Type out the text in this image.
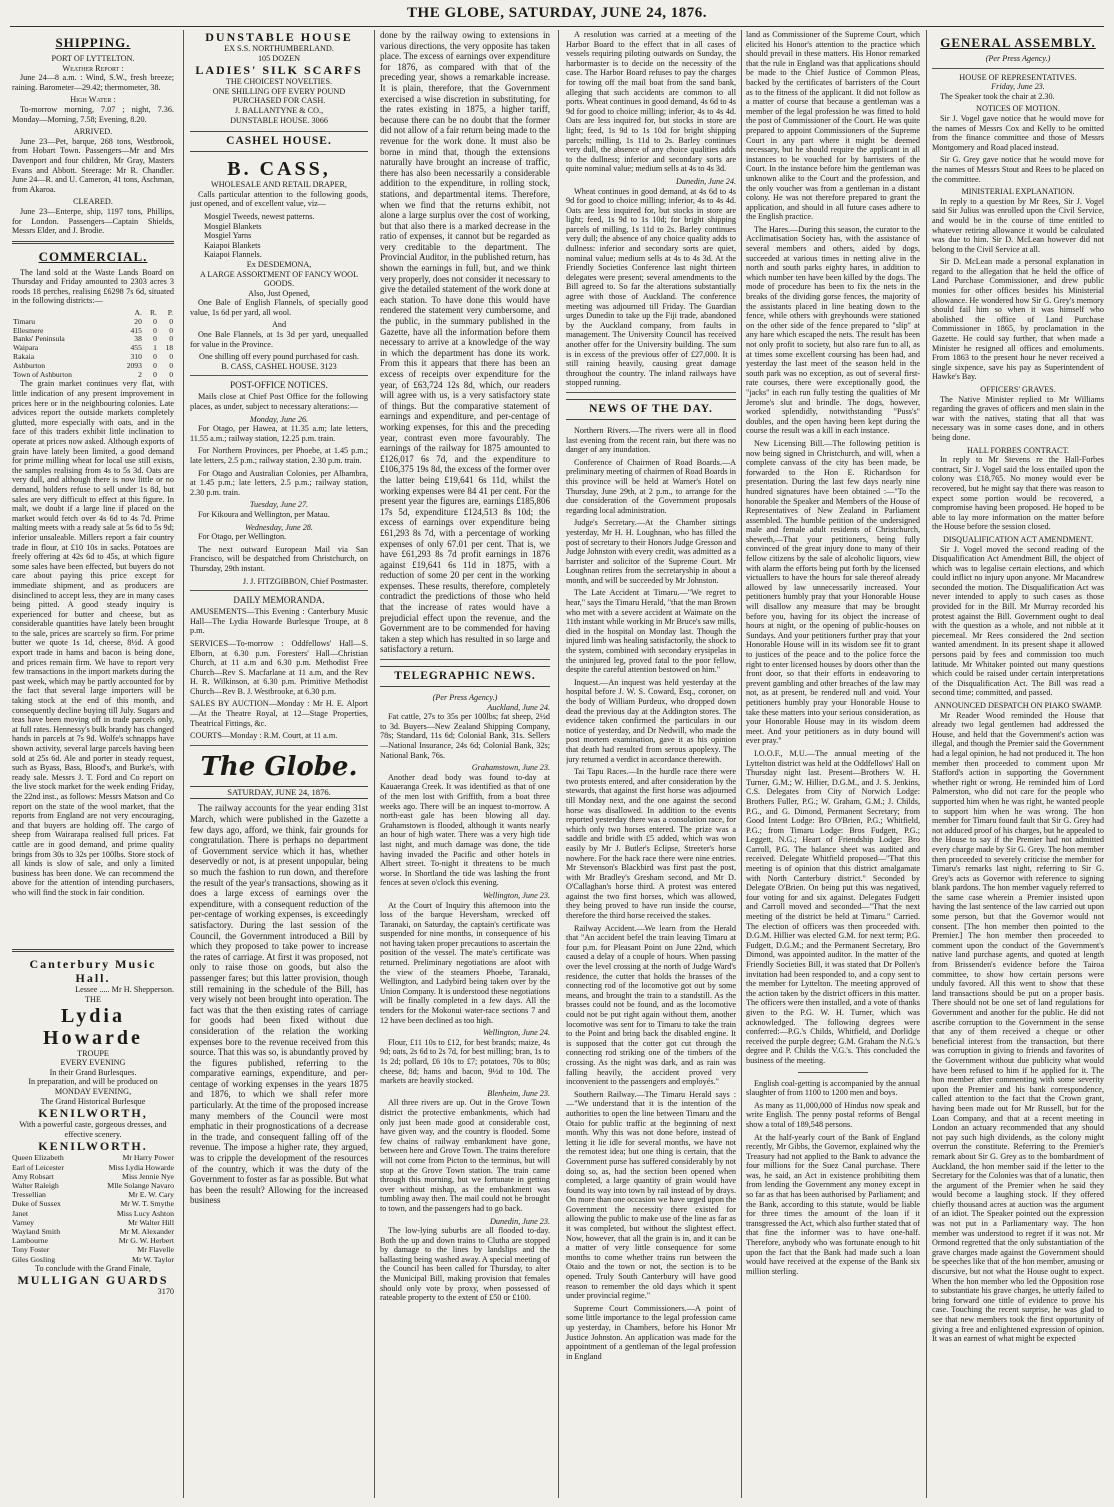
THE GLOBE, SATURDAY, JUNE 24, 1876.
SHIPPING.
PORT OF LYTTELTON.
Weather Report :

June 24—8 a.m. : Wind, S.W., fresh breeze; raining. Barometer—29.42; thermometer, 38.

High Water :

To-morrow morning, 7.07 ; night, 7.36. Monday—Morning, 7.58; Evening, 8.20.

ARRIVED.

June 23—Pet, barque, 268 tons, Westbrook, from Hobart Town. Passengers—Mr and Mrs Davenport and four children, Mr Gray, Masters Evans and Abbott. Steerage: Mr R. Chandler. June 24—R. and U. Cameron, 41 tons, Aschman, from Akaroa.

CLEARED.

June 23—Enterpe, ship, 1197 tons, Phillips, for London. Passengers—Captain Shields, Messrs Elder, and J. Brodie.

COMMERCIAL.

The land sold at the Waste Lands Board on Thursday and Friday amounted to 2303 acres 3 roods 18 perches, realising £6298 7s 6d, situated in the following districts:—

	A.	R.	P.
Timaru	20	0	0
Ellesmere	415	0	0
Banks' Peninsula	38	0	0
Waipara	455	1	18
Rakaia	310	0	0
Ashburton	2093	0	0
Town of Ashburton	2	0	0

The grain market continues very flat, with little indication of any present improvement in prices here or in the neighbouring colonies. Late advices report the outside markets completely glutted, more especially with oats, and in the face of this traders exhibit little inclination to operate at prices now asked. Although exports of grain have lately been limited, a good demand for prime milling wheat for local use still exists, the samples realising from 4s to 5s 3d. Oats are very dull, and although there is now little or no demand, holders refuse to sell under 1s 8d, but sales are very difficult to effect at this figure. In malt, we doubt if a large line if placed on the market would fetch over 4s 6d to 4s 7d. Prime malting meets with a ready sale at 5s 6d to 5s 9d; inferior unsaleable. Millers report a fair country trade in flour, at £10 10s in sacks. Potatoes are freely offering at 42s 6d to 45s, at which figure some sales have been effected, but buyers do not care about paying this price except for immediate shipment, and as producers are disinclined to accept less, they are in many cases being pitted. A good steady inquiry is experienced for butter and cheese, but as considerable quantities have lately been brought to the sale, prices are scarcely so firm. For prime butter we quote 1s 1d, cheese, 8½d. A good export trade in hams and bacon is being done, and prices remain firm. We have to report very few transactions in the import markets during the past week, which may be partly accounted for by the fact that several large importers will be taking stock at the end of this month, and consequently decline buying till July. Sugars and teas have been moving off in trade parcels only, at full rates. Hennessy's bulk brandy has changed hands in parcels at 7s 9d. Wolfe's schnapps have shown activity, several large parcels having been sold at 25s 6d. Ale and porter in steady request, such as Byass, Bass, Blood's, and Burke's, with ready sale. Messrs J. T. Ford and Co report on the live stock market for the week ending Friday, the 22nd inst., as follows: Messrs Matson and Co report on the state of the wool market, that the reports from England are not very encouraging, and that buyers are holding off. The cargo of sheep from Wairarapa realised full prices. Fat cattle are in good demand, and prime quality brings from 30s to 32s per 100lbs. Store stock of all kinds is slow of sale, and only a limited business has been done. We can recommend the above for the attention of intending purchasers, who will find the stock in fair condition.

Canterbury Music Hall.
Lessee ..... Mr H. Shepperson.
THE
Lydia Howarde
TROUPE
EVERY EVENING
In their Grand Burlesques.
In preparation, and will be produced on MONDAY EVENING,
The Grand Historical Burlesque
KENILWORTH,
With a powerful caste, gorgeous dresses, and effective scenery.
KENILWORTH.
Queen Elizabeth	Mr Harry Power
Earl of Leicester	Miss Lydia Howarde
Amy Robsart	Miss Jennie Nye
Walter Raleigh	Mlle Solange Navaro
Tressellian	Mr E. W. Cary
Duke of Sussex	Mr W. T. Smythe
Janet	Miss Lucy Ashton
Varney	Mr Walter Hill
Wayland Smith	Mr M. Alexander
Lambourne	Mr G. W. Herbert
Tony Foster	Mr Flavelle
Giles Gosling	Mr W. Taylor
To conclude with the Grand Finale,
MULLIGAN GUARDS
3170
DUNSTABLE HOUSE
EX S.S. NORTHUMBERLAND.
105 DOZEN
LADIES' SILK SCARFS
THE CHOICEST NOVELTIES.
ONE SHILLING OFF EVERY POUND PURCHASED FOR CASH.
J. BALLANTYNE & CO.,
DUNSTABLE HOUSE. 3066
CASHEL HOUSE.
B. CASS,
WHOLESALE AND RETAIL DRAPER,

Calls particular attention to the following goods, just opened, and of excellent value, viz—

Mosgiel Tweeds, newest patterns.
Mosgiel Blankets
Mosgiel Yarns
Kaiapoi Blankets
Kaiapoi Flannels.
Ex DESDEMONA,
A LARGE ASSORTMENT OF FANCY WOOL GOODS.
Also, Just Opened,

One Bale of English Flannels, of specially good value, 1s 6d per yard, all wool.

And

One Bale Flannels, at 1s 3d per yard, unequalled for value in the Province.

One shilling off every pound purchased for cash.
B. CASS, CASHEL HOUSE. 3123
POST-OFFICE NOTICES.

Mails close at Chief Post Office for the following places, as under, subject to necessary alterations:—

Monday, June 26.

For Otago, per Hawea, at 11.35 a.m; late letters, 11.55 a.m.; railway station, 12.25 p.m. train.

For Northern Provinces, per Phoebe, at 1.45 p.m.; late letters, 2.5 p.m.; railway station, 2.30 p.m. train.

For Otago and Australian Colonies, per Albambra, at 1.45 p.m.; late letters, 2.5 p.m.; railway station, 2.30 p.m. train.

Tuesday, June 27.

For Kikoura and Wellington, per Matau.

Wednesday, June 28.

For Otago, per Wellington.

The next outward European Mail via San Francisco, will be despatched from Christchurch, on Thursday, 29th instant.

J. J. FITZGIBBON, Chief Postmaster.
DAILY MEMORANDA.

AMUSEMENTS—This Evening : Canterbury Music Hall—The Lydia Howarde Burlesque Troupe, at 8 p.m.

SERVICES—To-morrow : Oddfellows' Hall—S. Elborn, at 6.30 p.m. Foresters' Hall—Christian Church, at 11 a.m and 6.30 p.m. Methodist Free Church—Rev S. Macfarlane at 11 a.m, and the Rev H. R. Wilkinson, at 6.30 p.m. Primitive Methodist Church—Rev B. J. Westbrooke, at 6.30 p.m.

SALES BY AUCTION—Monday : Mr H. E. Alport—At the Theatre Royal, at 12—Stage Properties, Theatrical Fittings, &c.

COURTS—Monday : R.M. Court, at 11 a.m.

The Globe.
SATURDAY, JUNE 24, 1876.

The railway accounts for the year ending 31st March, which were published in the Gazette a few days ago, afford, we think, fair grounds for congratulation. There is perhaps no department of Government service which it has, whether deservedly or not, is at present unpopular, being so much the fashion to run down, and therefore the result of the year's transactions, showing as it does a large excess of earnings over the expenditure, with a consequent reduction of the per-centage of working expenses, is exceedingly satisfactory. During the last session of the Council, the Government introduced a Bill by which they proposed to take power to increase the rates of carriage. At first it was proposed, not only to raise those on goods, but also the passenger fares; but this latter provision, though still remaining in the schedule of the Bill, has very wisely not been brought into operation. The fact was that the then existing rates of carriage for goods had been fixed without due consideration of the relation the working expenses bore to the revenue received from this source. That this was so, is abundantly proved by the figures published, referring to the comparative earnings, expenditure, and per-centage of working expenses in the years 1875 and 1876, to which we shall refer more particularly. At the time of the proposed increase many members of the Council were most emphatic in their prognostications of a decrease in the trade, and consequent falling off of the revenue. The impose a higher rate, they argued, was to cripple the development of the resources of the country, which it was the duty of the Government to foster as far as possible. But what has been the result? Allowing for the increased business

done by the railway owing to extensions in various directions, the very opposite has taken place. The excess of earnings over expenditure for 1876, as compared with that of the preceding year, shows a remarkable increase. It is plain, therefore, that the Government exercised a wise discretion in substituting, for the rates existing in 1875, a higher tariff, because there can be no doubt that the former did not allow of a fair return being made to the revenue for the work done. It must also be borne in mind that, though the extensions naturally have brought an increase of traffic, there has also been necessarily a considerable addition to the expenditure, in rolling stock, stations, and departmental items. Therefore, when we find that the returns exhibit, not alone a large surplus over the cost of working, but that also there is a marked decrease in the ratio of expenses, it cannot but be regarded as very creditable to the department. The Provincial Auditor, in the published return, has shown the earnings in full, but, and we think very properly, does not consider it necessary to give the detailed statement of the work done at each station. To have done this would have rendered the statement very cumbersome, and the public, in the summary published in the Gazette, have all the information before them necessary to arrive at a knowledge of the way in which the department has done its work. From this it appears that there has been an excess of receipts over expenditure for the year, of £63,724 12s 8d, which, our readers will agree with us, is a very satisfactory state of things. But the comparative statement of earnings and expenditure, and per-centage of working expenses, for this and the preceding year, contrast even more favourably. The earnings of the railway for 1875 amounted to £126,017 6s 7d, and the expenditure to £106,375 19s 8d, the excess of the former over the latter being £19,641 6s 11d, whilst the working expenses were 84 41 per cent. For the present year the figures are, earnings £185,806 17s 5d, expenditure £124,513 8s 10d; the excess of earnings over expenditure being £61,293 8s 7d, with a percentage of working expenses of only 67.01 per cent. That is, we have £61,293 8s 7d profit earnings in 1876 against £19,641 6s 11d in 1875, with a reduction of some 20 per cent in the working expenses. These results, therefore, completely contradict the predictions of those who held that the increase of rates would have a prejudicial effect upon the revenue, and the Government are to be commended for having taken a step which has resulted in so large and satisfactory a return.

TELEGRAPHIC NEWS.
(Per Press Agency.)
Auckland, June 24.

Fat cattle, 27s to 35s per 100lbs; fat sheep, 2½d to 3d. Buyers—New Zealand Shipping Company, 78s; Standard, 11s 6d; Colonial Bank, 31s. Sellers—National Insurance, 24s 6d; Colonial Bank, 32s; National Bank, 76s.

Grahamstown, June 23.

Another dead body was found to-day at Kauaeranga Creek. It was identified as that of one of the men lost with Griffith, from a boat three weeks ago. There will be an inquest to-morrow. A north-east gale has been blowing all day. Grahamstown is flooded, although it wants nearly an hour of high water. There was a very high tide last night, and much damage was done, the tide having invaded the Pacific and other hotels in Albert street. To-night it threatens to be much worse. In Shortland the tide was lashing the front fences at seven o'clock this evening.

Wellington, June 23.

At the Court of Inquiry this afternoon into the loss of the barque Heversham, wrecked off Taranaki, on Saturday, the captain's certificate was suspended for nine months, in consequence of his not having taken proper precautions to ascertain the position of the vessel. The mate's certificate was returned. Preliminary negotiations are afoot with the view of the steamers Phoebe, Taranaki, Wellington, and Ladybird being taken over by the Union Company. It is understood these negotiations will be finally completed in a few days. All the tenders for the Mokonui water-race sections 7 and 12 have been declined as too high.

Wellington, June 24.

Flour, £11 10s to £12, for best brands; maize, 4s 9d; oats, 2s 6d to 2s 7d, for best milling; bran, 1s to 1s 2d; pollard, £6 10s to £7; potatoes, 70s to 80s; cheese, 8d; hams and bacon, 9½d to 10d. The markets are heavily stocked.

Blenheim, June 23.

All three rivers are up. Out in the Grove Town district the protective embankments, which had only just been made good at considerable cost, have given way, and the country is flooded. Some few chains of railway embankment have gone, between here and Grove Town. The trains therefore will not come from Picton to the terminus, but will stop at the Grove Town station. The train came through this morning, but we fortunate in getting over without mishap, as the embankment was tumbling away then. The mail could not be brought to town, and the passengers had to go back.

Dunedin, June 23.

The low-lying suburbs are all flooded to-day. Both the up and down trains to Clutha are stopped by damage to the lines by landslips and the ballasting being washed away. A special meeting of the Council has been called for Thursday, to alter the Municipal Bill, making provision that females should only vote by proxy, when possessed of rateable property to the extent of £50 or £100.

A resolution was carried at a meeting of the Harbor Board to the effect that in all cases of vessels requiring piloting outwards on Sunday, the harbormaster is to decide on the necessity of the case. The Harbor Board refuses to pay the charges for towing off the mail boat from the sand bank, alleging that such accidents are common to all ports. Wheat continues in good demand, 4s 6d to 4s 9d for good to choice milling; inferior, 4s to 4s 4d. Oats are less inquired for, but stocks in store are light; feed, 1s 9d to 1s 10d for bright shipping parcels; milling, 1s 11d to 2s. Barley continues very dull, the absence of any choice qualities adds to the dullness; inferior and secondary sorts are quite nominal value; medium sells at 4s to 4s 3d.

Dunedin, June 24.

Wheat continues in good demand, at 4s 6d to 4s 9d for good to choice milling; inferior, 4s to 4s 4d. Oats are less inquired for, but stocks in store are light; feed, 1s 9d to 1s 10d; for bright shipping parcels of milling, 1s 11d to 2s. Barley continues very dull; the absence of any choice quality adds to dullness: inferior and secondary sorts are quiet, nominal value; medium sells at 4s to 4s 3d. At the Friendly Societies Conference last night thirteen delegates were present; several amendments to the Bill agreed to. So far the alterations substantially agree with those of Auckland. The conference meeting was adjourned till Friday. The Guardian urges Dunedin to take up the Fiji trade, abandoned by the Auckland company, from faults in management. The University Council has received another offer for the University building. The sum is in excess of the previous offer of £27,000. It is still raining heavily, causing great damage throughout the country. The inland railways have stopped running.

NEWS OF THE DAY.

Northern Rivers.—The rivers were all in flood last evening from the recent rain, but there was no danger of any inundation.

Conference of Chairmen of Road Boards.—A preliminary meeting of chairmen of Road Boards in this province will be held at Warner's Hotel on Thursday, June 29th, at 2 p.m., to arrange for the due consideration of the Government proposals regarding local administration.

Judge's Secretary.—At the Chamber sittings yesterday, Mr H. H. Loughnan, who has filled the post of secretary to their Honors Judge Gresson and Judge Johnston with every credit, was admitted as a barrister and solicitor of the Supreme Court. Mr Loughnan retires from the secretaryship in about a month, and will be succeeded by Mr Johnston.

The Late Accident at Timaru.—"We regret to hear," says the Timaru Herald, "that the man Brown who met with a severe accident at Waimate on the 11th instant while working in Mr Bruce's saw mills, died in the hospital on Monday last. Though the injured limb was healing satisfactorily, the shock to the system, combined with secondary erysipelas in the uninjured leg, proved fatal to the poor fellow, despite the careful attention bestowed on him."

Inquest.—An inquest was held yesterday at the hospital before J. W. S. Coward, Esq., coroner, on the body of William Purdeux, who dropped down dead the previous day at the Addington stores. The evidence taken confirmed the particulars in our notice of yesterday, and Dr Nedwill, who made the post mortem examination, gave it as his opinion that death had resulted from serous apoplexy. The jury returned a verdict in accordance therewith.

Tai Tapu Races.—In the hurdle race there were two protests entered, and after consideration by the stewards, that against the first horse was adjourned till Monday next, and the one against the second horse was disallowed. In addition to the events reported yesterday there was a consolation race, for which only two horses entered. The prize was a saddle and bridle with £5 added, which was won easily by Mr J. Butler's Eclipse, Streeter's horse nowhere. For the hack race there were nine entries. Mr Stevenson's Blackbird was first past the post, with Mr Bradley's Gresham second, and Mr D. O'Callaghan's horse third. A protest was entered against the two first horses, which was allowed, they being proved to have run inside the course, therefore the third horse received the stakes.

Railway Accident.—We learn from the Herald that "An accident befel the train leaving Timaru at four p.m. for Pleasant Point on June 22nd, which caused a delay of a couple of hours. When passing over the level crossing at the north of Judge Ward's residence, the cutter that holds the brasses of the connecting rod of the locomotive got out by some means, and brought the train to a standstill. As the brasses could not be found, and as the locomotive could not be put right again without them, another locomotive was sent for to Timaru to take the train to the Point and bring back the disabled engine. It is supposed that the cotter got cut through the connecting rod striking one of the timbers of the crossing. As the night was dark, and as rain was falling heavily, the accident proved very inconvenient to the passengers and employés."

Southern Railway.—The Timaru Herald says :—"We understand that it is the intention of the authorities to open the line between Timaru and the Otaio for public traffic at the beginning of next month. Why this was not done before, instead of letting it lie idle for several months, we have not the remotest idea; but one thing is certain, that the Government purse has suffered considerably by not doing so, as, had the section been opened when completed, a large quantity of grain would have found its way into town by rail instead of by drays. On more than one occasion we have urged upon the Government the necessity there existed for allowing the public to make use of the line as far as it was completed, but without the slightest effect. Now, however, that all the grain is in, and it can be a matter of very little consequence for some months to come whether trains run between the Otaio and the town or not, the section is to be opened. Truly South Canterbury will have good reason to remember the old days which it spent under provincial regime."

Supreme Court Commissioners.—A point of some little importance to the legal profession came up yesterday, in Chambers, before his Honor Mr Justice Johnston. An application was made for the appointment of a gentleman of the legal profession in England

land as Commissioner of the Supreme Court, which elicited his Honor's attention to the practice which should prevail in these matters. His Honor remarked that the rule in England was that applications should be made to the Chief Justice of Common Pleas, backed by the certificates of barristers of the Court as to the fitness of the applicant. It did not follow as a matter of course that because a gentleman was a member of the legal profession he was fitted to hold the post of Commissioner of the Court. He was quite prepared to appoint Commissioners of the Supreme Court in any part where it might be deemed necessary, but he should require the applicant in all instances to be vouched for by barristers of the Court. In the instance before him the gentleman was unknown alike to the Court and the profession, and the only voucher was from a gentleman in a distant colony. He was not therefore prepared to grant the application, and should in all future cases adhere to the English practice.

The Hares.—During this season, the curator to the Acclimatisation Society has, with the assistance of several members and others, aided by dogs, succeeded at various times in netting alive in the north and south parks eighty hares, in addition to which number ten have been killed by the dogs. The mode of procedure has been to fix the nets in the breaks of the dividing gorse fences, the majority of the assistants placed in line beating down to the fence, while others with greyhounds were stationed on the other side of the fence prepared to "slip" at any hare which escaped the nets. The result has been not only profit to society, but also rare fun to all, as at times some excellent coursing has been had, and yesterday the last meet of the season held in the south park was no exception, as out of several first-rate courses, there were exceptionally good, the "jacks" in each run fully testing the qualities of Mr Jerome's slut and brindle. The dogs, however, worked splendidly, notwithstanding "Puss's" doubles, and the open having been kept during the course the result was a kill in each instance.

New Licensing Bill.—The following petition is now being signed in Christchurch, and will, when a complete canvass of the city has been made, be forwarded to the Hon E. Richardson for presentation. During the last few days nearly nine hundred signatures have been obtained :—"To the honorable the Speaker and Members of the House of Representatives of New Zealand in Parliament assembled. The humble petition of the undersigned male and female adult residents of Christchurch, sheweth,—That your petitioners, being fully convinced of the great injury done to many of their fellow citizens by the sale of alcoholic liquors, view with alarm the efforts being put forth by the licensed victuallers to have the hours for sale thereof already allowed by law unnecessarily increased. Your petitioners humbly pray that your Honorable House will disallow any measure that may be brought before you, having for its object the increase of hours at night, or the opening of public-houses on Sundays. And your petitioners further pray that your Honorable House will in its wisdom see fit to grant to justices of the peace and to the police force the right to enter licensed houses by doors other than the front door, so that their efforts in endeavoring to prevent gambling and other breaches of the law may not, as at present, be rendered null and void. Your petitioners humbly pray your Honorable House to take these matters into your serious consideration, as your Honorable House may in its wisdom deem meet. And your petitioners as in duty bound will ever pray."

I.O.O.F., M.U.—The annual meeting of the Lyttelton district was held at the Oddfellows' Hall on Thursday night last. Present—Brothers W. H. Turner, G.M.; W. Hillier, D.G.M., and J. S. Jenkins, C.S. Delegates from City of Norwich Lodge: Brothers Fuller, P.G.; W. Graham, G.M.; J. Childs, P.G., and G. Dimond, Permanent Secretary; from Good Intent Lodge: Bro O'Brien, P.G.; Whitfield, P.G.; from Timaru Lodge: Bros Fudgett, P.G.; Leggett, N.G.; Heart of Friendship Lodge: Bro Carroll, P.G. The balance sheet was audited and received. Delegate Whitfield proposed—"That this meeting is of opinion that this district amalgamate with North Canterbury district." Seconded by Delegate O'Brien. On being put this was negatived, four voting for and six against. Delegates Fudgett and Carroll moved and seconded—"That the next meeting of the district be held at Timaru." Carried. The election of officers was then proceeded with. D.G.M. Hillier was elected G.M. for next term; P.G. Fudgett, D.G.M.; and the Permanent Secretary, Bro Dimond, was appointed auditor. In the matter of the Friendly Societies Bill, it was stated that Dr Pollen's invitation had been responded to, and a copy sent to the member for Lyttelton. The meeting approved of the action taken by the district officers in this matter. The officers were then installed, and a vote of thanks given to the P.G. W. H. Turner, which was acknowledged. The following degrees were conferred:—P.G.'s Childs, Whitfield, and Dorlidge received the purple degree; G.M. Graham the N.G.'s degree and P. Childs the V.G.'s. This concluded the business of the meeting.

English coal-getting is accompanied by the annual slaughter of from 1100 to 1200 men and boys.

As many as 11,000,000 of Hindus now speak and write English. The penny postal reforms of Bengal show a total of 189,548 persons.

At the half-yearly court of the Bank of England recently, Mr Gibbs, the Governor, explained why the Treasury had not applied to the Bank to advance the four millions for the Suez Canal purchase. There was, he said, an Act in existence prohibiting them from lending the Government any money except in so far as that has been authorised by Parliament; and the Bank, according to this statute, would be liable for three times the amount of the loan if it transgressed the Act, which also further stated that of that fine the informer was to have one-half. Therefore, anybody who was fortunate enough to hit upon the fact that the Bank had made such a loan would have received at the expense of the Bank six million sterling.

GENERAL ASSEMBLY.
(Per Press Agency.)
HOUSE OF REPRESENTATIVES.
Friday, June 23.

The Speaker took the chair at 2.30.

NOTICES OF MOTION.

Sir J. Vogel gave notice that he would move for the names of Messrs Cox and Kelly to be omitted from the finance committee and those of Messrs Montgomery and Road placed instead.

Sir G. Grey gave notice that he would move for the names of Messrs Stout and Rees to be placed on the committee.

MINISTERIAL EXPLANATION.

In reply to a question by Mr Rees, Sir J. Vogel said Sir Julius was enrolled upon the Civil Service, and would be in the course of time entitled to whatever retiring allowance it would be calculated was due to him. Sir D. McLean however did not belong to the Civil Service at all.

Sir D. McLean made a personal explanation in regard to the allegation that he held the office of Land Purchase Commissioner, and drew public monies for other offices besides his Ministerial allowance. He wondered how Sir G. Grey's memory should fail him so when it was himself who abolished the office of Land Purchase Commissioner in 1865, by proclamation in the Gazette. He could say further, that when made a Minister he resigned all offices and emoluments. From 1863 to the present hour he never received a single sixpence, save his pay as Superintendent of Hawke's Bay.

OFFICERS' GRAVES.

The Native Minister replied to Mr Williams regarding the graves of officers and men slain in the war with the natives, stating that all that was necessary was in some cases done, and in others being done.

HALL FORBES CONTRACT.

In reply to Mr Stevens re the Hall-Forbes contract, Sir J. Vogel said the loss entailed upon the colony was £18,765. No money would ever be recovered, but he might say that there was reason to expect some portion would be recovered, a compromise having been proposed. He hoped to be able to lay more information on the matter before the House before the session closed.

DISQUALIFICATION ACT AMENDMENT.

Sir J. Vogel moved the second reading of the Disqualification Act Amendment Bill, the object of which was to legalise certain elections, and which could inflict no injury upon anyone. Mr Macandrew seconded the motion. The Disqualification Act was never intended to apply to such cases as those provided for in the Bill. Mr Murray recorded his protest against the Bill. Government ought to deal with the question as a whole, and not nibble at it piecemeal. Mr Rees considered the 2nd section wanted amendment. In its present shape it allowed persons paid by fees and commission too much latitude. Mr Whitaker pointed out many questions which could be raised under certain interpretations of the Disqualification Act. The Bill was read a second time; committed, and passed.

ANNOUNCED DESPATCH ON PIAKO SWAMP.

Mr Reader Wood reminded the House that already two legal gentlemen had addressed the House, and held that the Government's action was illegal, and though the Premier said the Government had a legal opinion, he had not produced it. The hon member then proceeded to comment upon Mr Stafford's action in supporting the Government whether right or wrong. He reminded him of Lord Palmerston, who did not care for the people who supported him when he was right, he wanted people to support him when he was wrong. The hon member for Timaru found fault that Sir G. Grey had not adduced proof of his charges, but he appealed to the House to say if the Premier had not admitted every charge made by Sir G. Grey. The hon member then proceeded to severely criticise the member for Timaru's remarks last night, referring to Sir G. Grey's acts as Governor with reference to signing blank pardons. The hon member vaguely referred to the same case wherein a Premier insisted upon having the last sentence of the law carried out upon some person, but that the Governor would not consent. [The hon member then pointed to the Premier.] The hon member then proceeded to comment upon the conduct of the Government's native land purchase agents, and quoted at length from Brissenden's evidence before the Tairoa committee, to show how certain persons were unduly favored. All this went to show that these land transactions should be put on a proper basis. There should not be one set of land regulations for Government and another for the public. He did not ascribe corruption to the Government in the sense that any of them received a cheque or other beneficial interest from the transaction, but there was corruption in giving to friends and favorites of the Government without due publicity what would have been refused to him if he applied for it. The hon member after commenting with some severity upon the Premier and his bank correspondence, called attention to the fact that the Crown grant, having been made out for Mr Russell, but for the Loan Company, and that at a recent meeting in London an actuary recommended that any should not pay such high dividends, as the colony might overrun the constitute. Referring to the Premier's remark about Sir G. Grey as to the bombardment of Auckland, the hon member said if the letter to the Secretary for the Colonies was that of a lunatic, then the argument of the Premier when he said they would become a laughing stock. If they offered chiefly thousand acres at auction was the argument of an idiot. The Speaker pointed out the expression was not put in a Parliamentary way. The hon member was understood to regret if it was not. Mr Ormond regretted that the only substantiation of the grave charges made against the Government should be speeches like that of the hon member, amusing or discursive, but not what the House ought to expect. When the hon member who led the Opposition rose to substantiate his grave charges, he utterly failed to bring forward one tittle of evidence to prove his case. Touching the recent surprise, he was glad to see that new members took the first opportunity of giving a free and enlightened expression of opinion. It was an earnest of what might be expected
